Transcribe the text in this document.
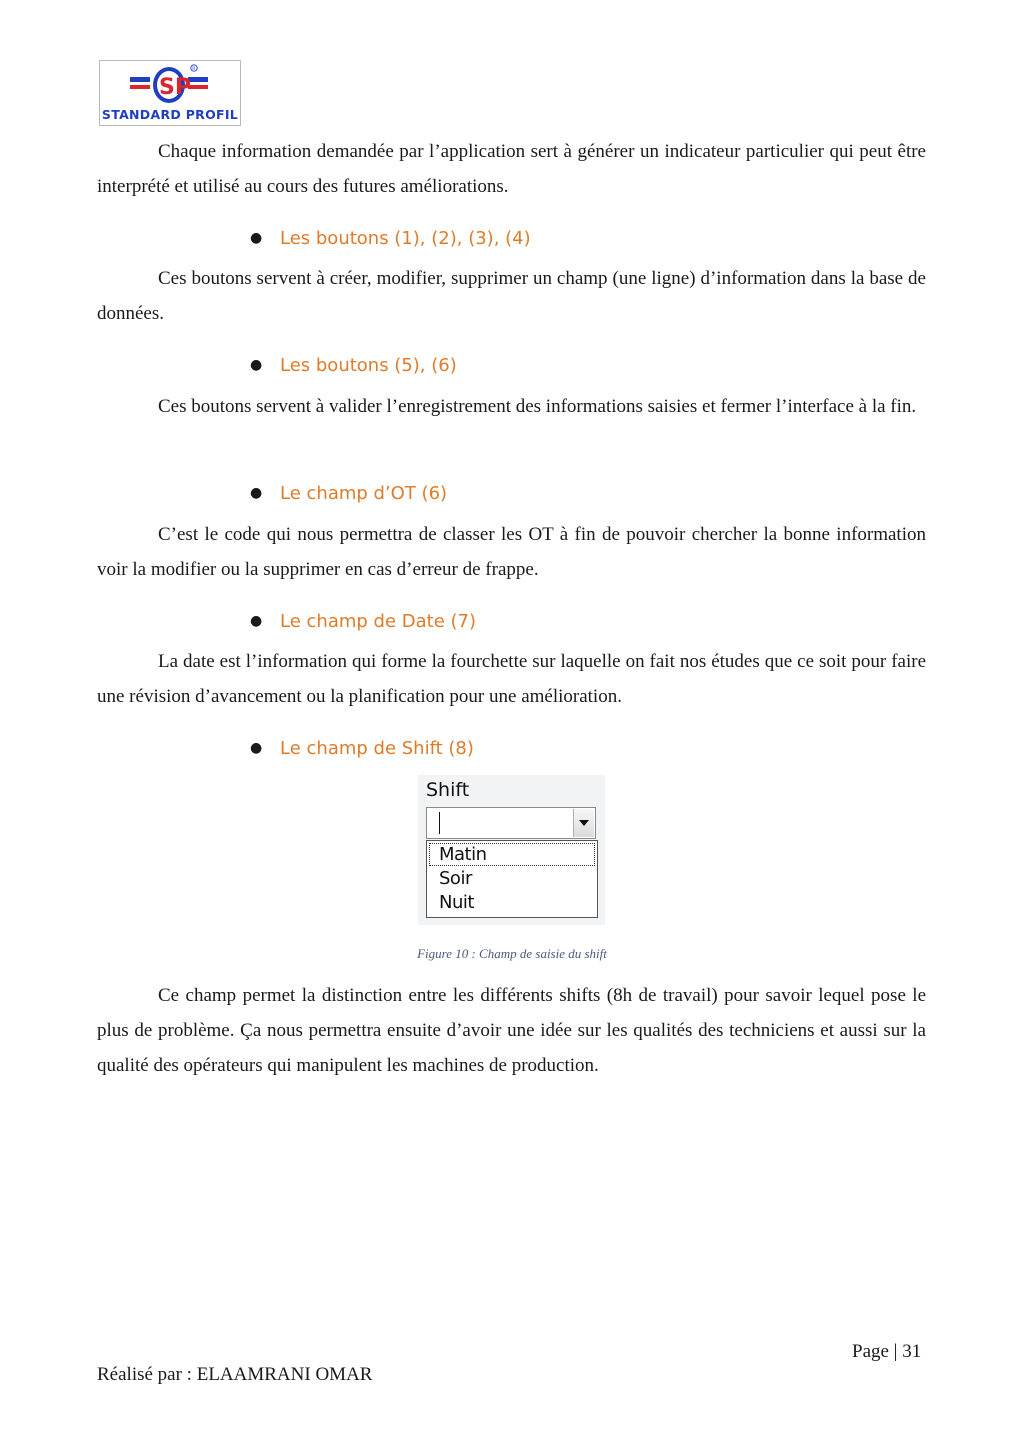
R
SP
STANDARD PROFIL
Chaque information demandée par l’application sert à générer un indicateur particulier qui peut être interprété et utilisé au cours des futures améliorations.
● Les boutons (1), (2), (3), (4)
Ces boutons servent à créer, modifier, supprimer un champ (une ligne) d’information dans la base de données.
● Les boutons (5), (6)
Ces boutons servent à valider l’enregistrement des informations saisies et fermer l’interface à la fin.
● Le champ d’OT (6)
C’est le code qui nous permettra de classer les OT à fin de pouvoir chercher la bonne information voir la modifier ou la supprimer en cas d’erreur de frappe.
● Le champ de Date (7)
La date est l’information qui forme la fourchette sur laquelle on fait nos études que ce soit pour faire une révision d’avancement ou la planification pour une amélioration.
● Le champ de Shift (8)
Shift
Matin
Soir
Nuit
Figure 10 : Champ de saisie du shift
Ce champ permet la distinction entre les différents shifts (8h de travail) pour savoir lequel pose le plus de problème. Ça nous permettra ensuite d’avoir une idée sur les qualités des techniciens et aussi sur la qualité des opérateurs qui manipulent les machines de production.
Page | 31
Réalisé par : ELAAMRANI OMAR
